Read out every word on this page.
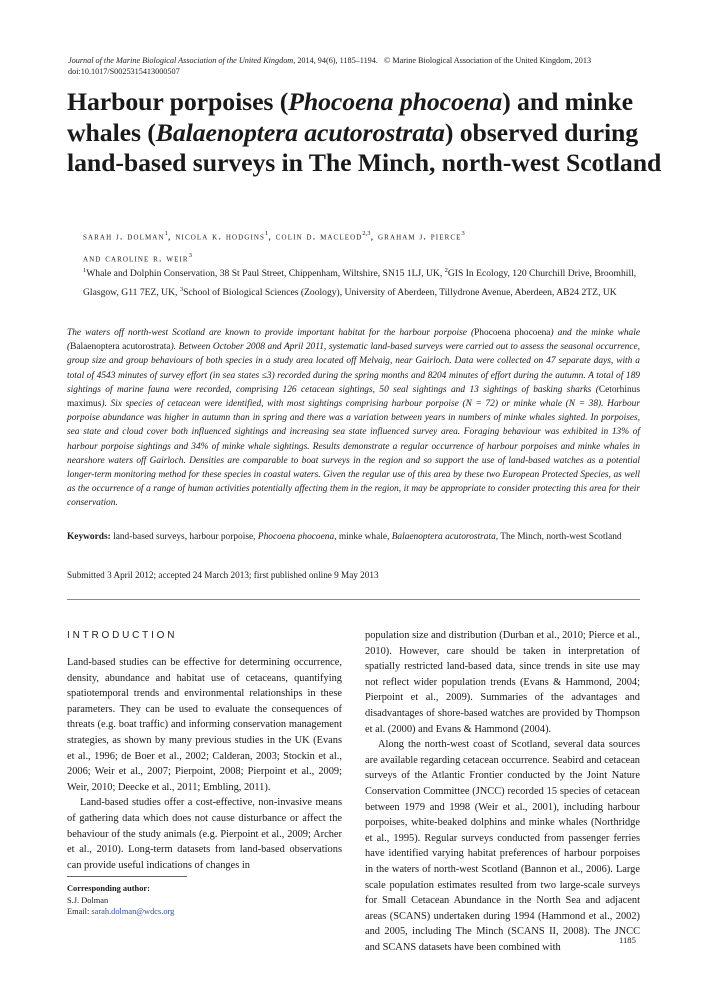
Journal of the Marine Biological Association of the United Kingdom, 2014, 94(6), 1185–1194. © Marine Biological Association of the United Kingdom, 2013
doi:10.1017/S0025315413000507
Harbour porpoises (Phocoena phocoena) and minke whales (Balaenoptera acutorostrata) observed during land-based surveys in The Minch, north-west Scotland
sarah j. dolman$^1$, nicola k. hodgins$^1$, colin d. macleod$^{2,3}$, graham j. pierce$^3$
and caroline r. weir$^3$
$^1$Whale and Dolphin Conservation, 38 St Paul Street, Chippenham, Wiltshire, SN15 1LJ, UK, $^2$GIS In Ecology, 120 Churchill Drive, Broomhill, Glasgow, G11 7EZ, UK, $^3$School of Biological Sciences (Zoology), University of Aberdeen, Tillydrone Avenue, Aberdeen, AB24 2TZ, UK
The waters off north-west Scotland are known to provide important habitat for the harbour porpoise (Phocoena phocoena) and the minke whale (Balaenoptera acutorostrata). Between October 2008 and April 2011, systematic land-based surveys were carried out to assess the seasonal occurrence, group size and group behaviours of both species in a study area located off Melvaig, near Gairloch. Data were collected on 47 separate days, with a total of 4543 minutes of survey effort (in sea states ≤3) recorded during the spring months and 8204 minutes of effort during the autumn. A total of 189 sightings of marine fauna were recorded, comprising 126 cetacean sightings, 50 seal sightings and 13 sightings of basking sharks (Cetorhinus maximus). Six species of cetacean were identified, with most sightings comprising harbour porpoise (N = 72) or minke whale (N = 38). Harbour porpoise abundance was higher in autumn than in spring and there was a variation between years in numbers of minke whales sighted. In porpoises, sea state and cloud cover both influenced sightings and increasing sea state influenced survey area. Foraging behaviour was exhibited in 13% of harbour porpoise sightings and 34% of minke whale sightings. Results demonstrate a regular occurrence of harbour porpoises and minke whales in nearshore waters off Gairloch. Densities are comparable to boat surveys in the region and so support the use of land-based watches as a potential longer-term monitoring method for these species in coastal waters. Given the regular use of this area by these two European Protected Species, as well as the occurrence of a range of human activities potentially affecting them in the region, it may be appropriate to consider protecting this area for their conservation.
Keywords: land-based surveys, harbour porpoise, Phocoena phocoena, minke whale, Balaenoptera acutorostrata, The Minch, north-west Scotland
Submitted 3 April 2012; accepted 24 March 2013; first published online 9 May 2013
INTRODUCTION

Land-based studies can be effective for determining occurrence, density, abundance and habitat use of cetaceans, quantifying spatiotemporal trends and environmental relationships in these parameters. They can be used to evaluate the consequences of threats (e.g. boat traffic) and informing conservation management strategies, as shown by many previous studies in the UK (Evans et al., 1996; de Boer et al., 2002; Calderan, 2003; Stockin et al., 2006; Weir et al., 2007; Pierpoint, 2008; Pierpoint et al., 2009; Weir, 2010; Deecke et al., 2011; Embling, 2011).

Land-based studies offer a cost-effective, non-invasive means of gathering data which does not cause disturbance or affect the behaviour of the study animals (e.g. Pierpoint et al., 2009; Archer et al., 2010). Long-term datasets from land-based observations can provide useful indications of changes in

population size and distribution (Durban et al., 2010; Pierce et al., 2010). However, care should be taken in interpretation of spatially restricted land-based data, since trends in site use may not reflect wider population trends (Evans & Hammond, 2004; Pierpoint et al., 2009). Summaries of the advantages and disadvantages of shore-based watches are provided by Thompson et al. (2000) and Evans & Hammond (2004).

Along the north-west coast of Scotland, several data sources are available regarding cetacean occurrence. Seabird and cetacean surveys of the Atlantic Frontier conducted by the Joint Nature Conservation Committee (JNCC) recorded 15 species of cetacean between 1979 and 1998 (Weir et al., 2001), including harbour porpoises, white-beaked dolphins and minke whales (Northridge et al., 1995). Regular surveys conducted from passenger ferries have identified varying habitat preferences of harbour porpoises in the waters of north-west Scotland (Bannon et al., 2006). Large scale population estimates resulted from two large-scale surveys for Small Cetacean Abundance in the North Sea and adjacent areas (SCANS) undertaken during 1994 (Hammond et al., 2002) and 2005, including The Minch (SCANS II, 2008). The JNCC and SCANS datasets have been combined with

Corresponding author:
S.J. Dolman
Email: sarah.dolman@wdcs.org
1185
